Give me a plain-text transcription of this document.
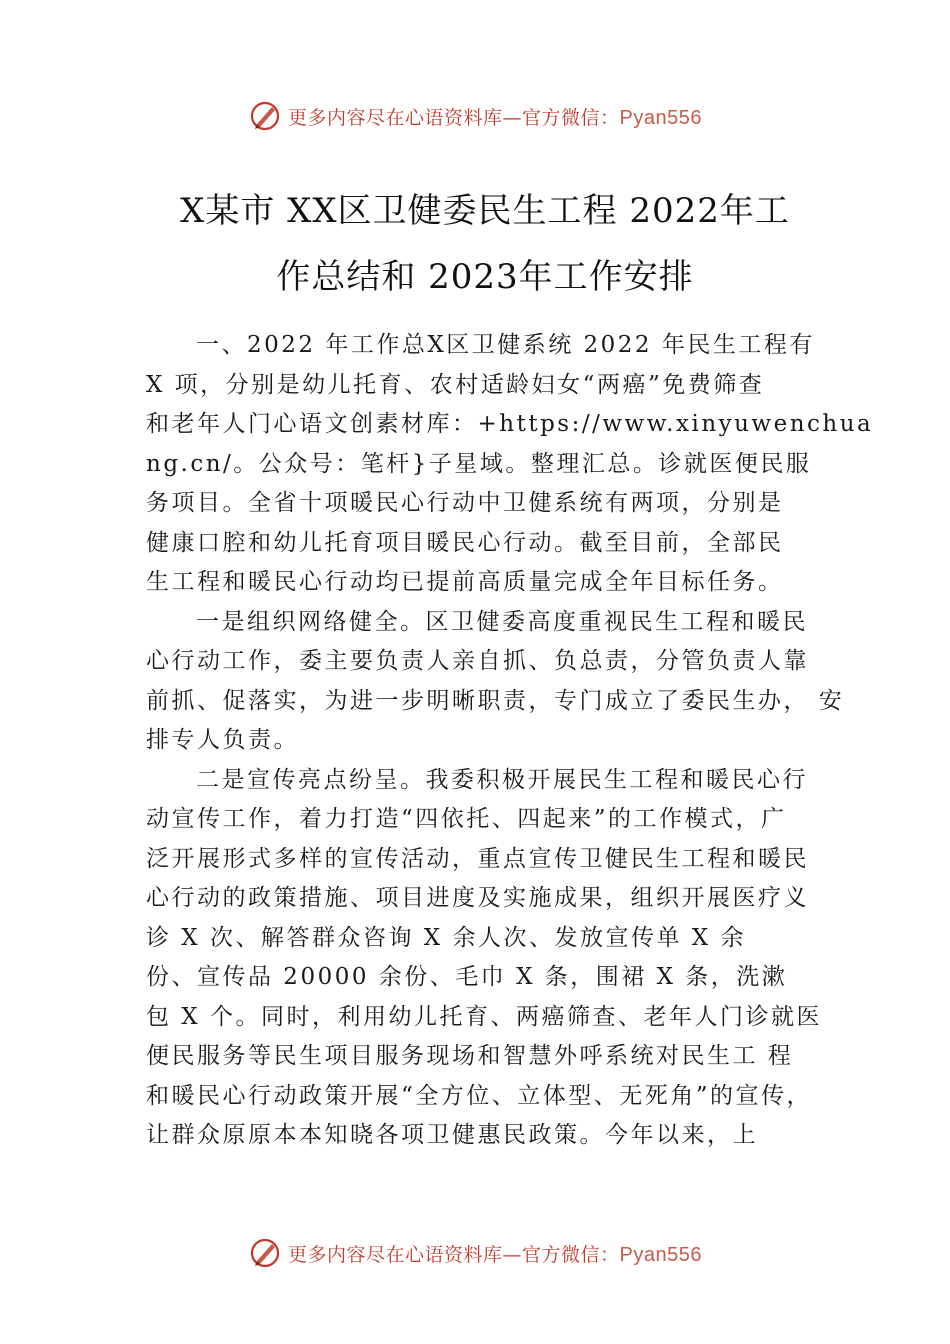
更多内容尽在心语资料库—官方微信：Pyan556
X某市 XX区卫健委民生工程 2022年工
作总结和 2023年工作安排
一、2022 年工作总X区卫健系统 2022 年民生工程有
X 项，分别是幼儿托育、农村适龄妇女“两癌”免费筛查
和老年人门心语文创素材库：+https://www.xinyuwenchua
ng.cn/。公众号：笔杆}子星域。整理汇总。诊就医便民服
务项目。全省十项暖民心行动中卫健系统有两项，分别是
健康口腔和幼儿托育项目暖民心行动。截至目前，全部民
生工程和暖民心行动均已提前高质量完成全年目标任务。
一是组织网络健全。区卫健委高度重视民生工程和暖民
心行动工作，委主要负责人亲自抓、负总责，分管负责人靠
前抓、促落实，为进一步明晰职责，专门成立了委民生办， 安
排专人负责。
二是宣传亮点纷呈。我委积极开展民生工程和暖民心行
动宣传工作，着力打造“四依托、四起来”的工作模式，广
泛开展形式多样的宣传活动，重点宣传卫健民生工程和暖民
心行动的政策措施、项目进度及实施成果，组织开展医疗义
诊 X 次、解答群众咨询 X 余人次、发放宣传单 X 余
份、宣传品 20000 余份、毛巾 X 条，围裙 X 条，洗漱
包 X 个。同时，利用幼儿托育、两癌筛查、老年人门诊就医
便民服务等民生项目服务现场和智慧外呼系统对民生工 程
和暖民心行动政策开展“全方位、立体型、无死角”的宣传，
让群众原原本本知晓各项卫健惠民政策。今年以来，上
更多内容尽在心语资料库—官方微信：Pyan556
